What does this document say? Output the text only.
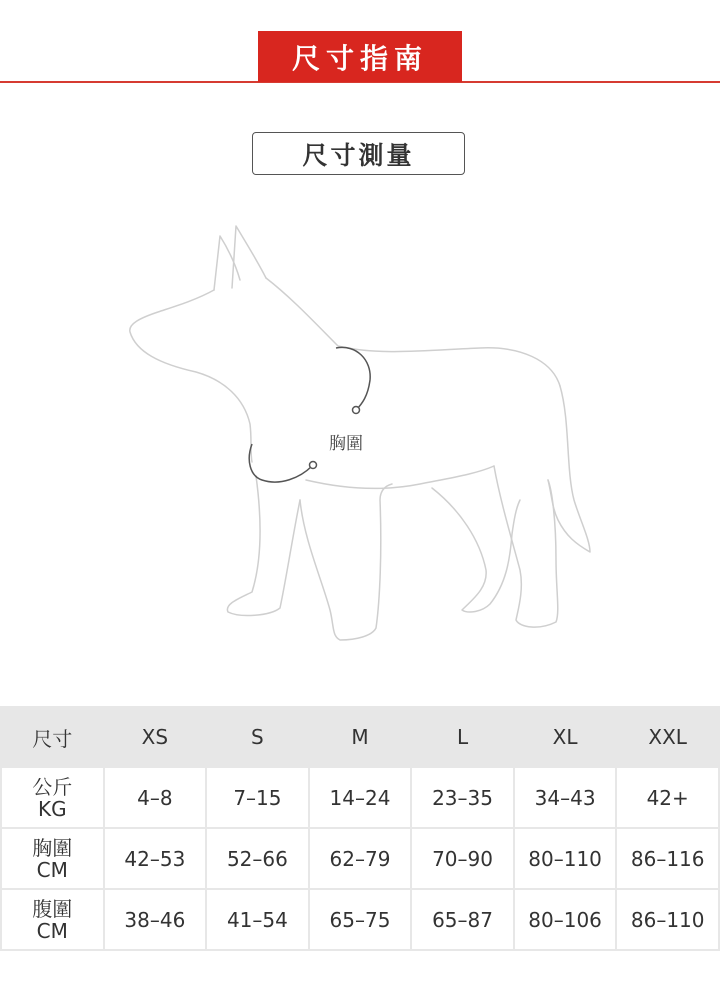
尺寸指南
尺寸測量
胸圍
尺寸	XS	S	M	L	XL	XXL

公斤
KG	4–8	7–15	14–24	23–35	34–43	42+

胸圍
CM	42–53	52–66	62–79	70–90	80–110	86–116

腹圍
CM	38–46	41–54	65–75	65–87	80–106	86–110
